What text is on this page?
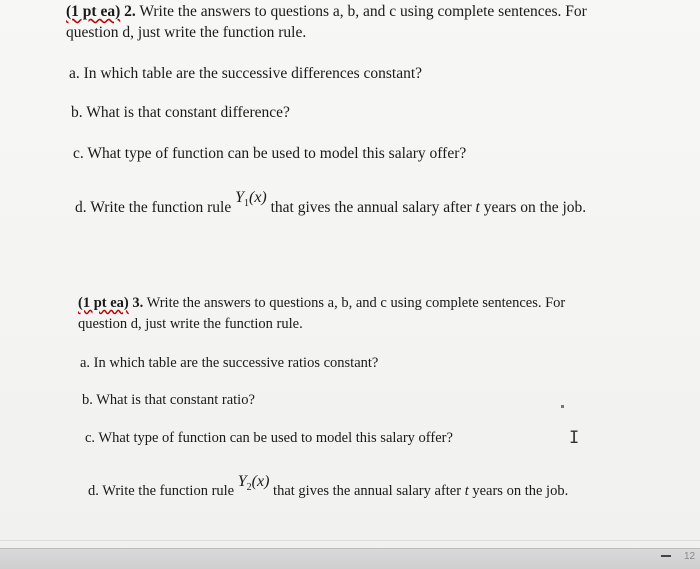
(1 pt ea) 2. Write the answers to questions a, b, and c using complete sentences. For
question d, just write the function rule.
a. In which table are the successive differences constant?
b. What is that constant difference?
c. What type of function can be used to model this salary offer?
d. Write the function rule $Y_1(x)$ that gives the annual salary after t years on the job.
(1 pt ea) 3. Write the answers to questions a, b, and c using complete sentences. For
question d, just write the function rule.
a. In which table are the successive ratios constant?
b. What is that constant ratio?
c. What type of function can be used to model this salary offer?
d. Write the function rule $Y_2(x)$ that gives the annual salary after t years on the job.
I
12
